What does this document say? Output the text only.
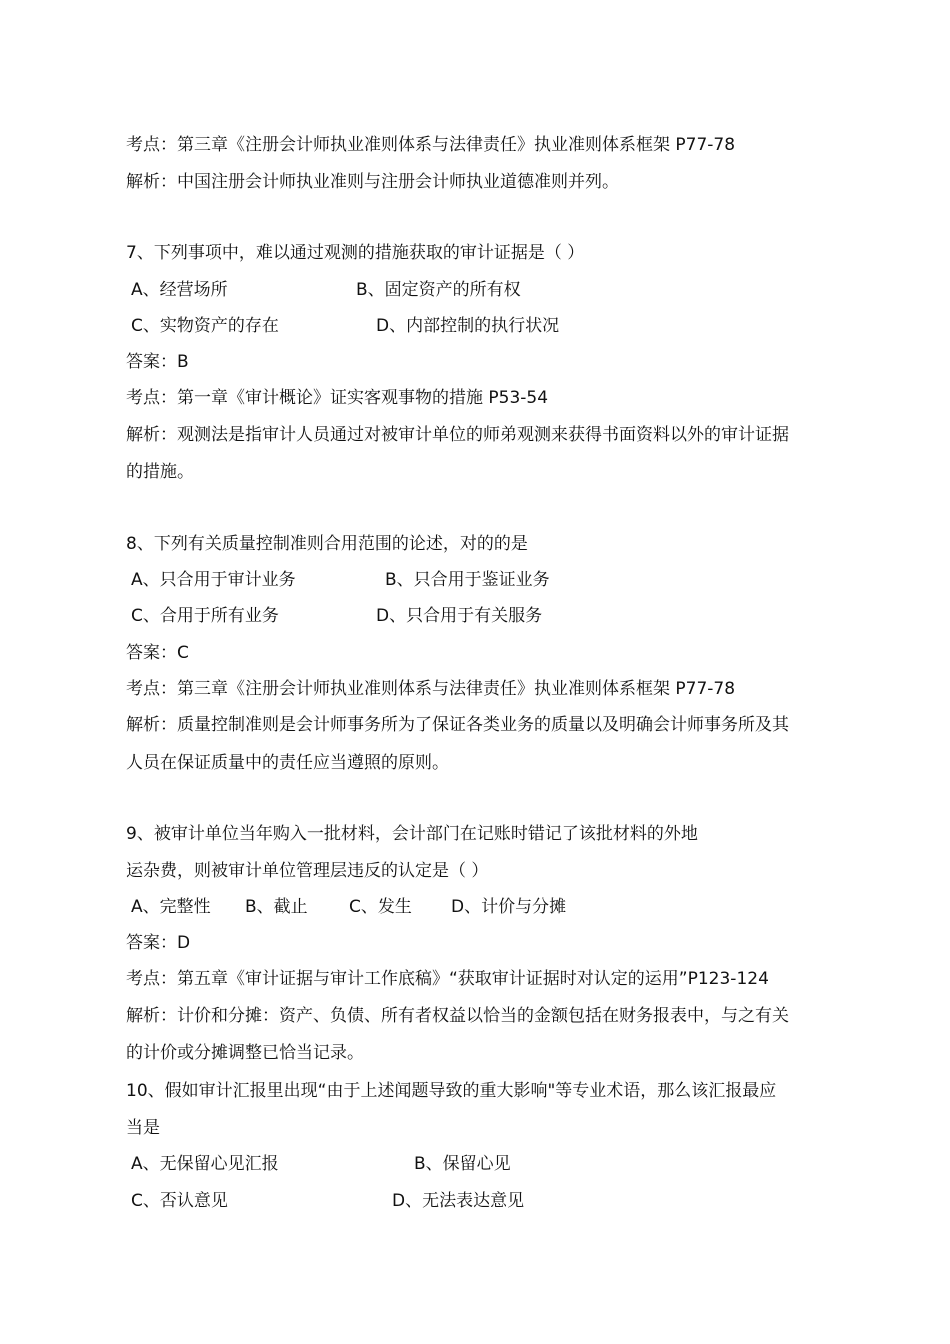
考点：第三章《注册会计师执业准则体系与法律责任》执业准则体系框架 P77-78
解析：中国注册会计师执业准则与注册会计师执业道德准则并列。
7、下列事项中，难以通过观测的措施获取的审计证据是（ ）
A、经营场所	B、固定资产的所有权
C、实物资产的存在	D、内部控制的执行状况
答案：B
考点：第一章《审计概论》证实客观事物的措施 P53-54
解析：观测法是指审计人员通过对被审计单位的师弟观测来获得书面资料以外的审计证据
的措施。
8、下列有关质量控制准则合用范围的论述，对的的是
A、只合用于审计业务	B、只合用于鉴证业务
C、合用于所有业务	D、只合用于有关服务
答案：C
考点：第三章《注册会计师执业准则体系与法律责任》执业准则体系框架 P77-78
解析：质量控制准则是会计师事务所为了保证各类业务的质量以及明确会计师事务所及其
人员在保证质量中的责任应当遵照的原则。
9、被审计单位当年购入一批材料，会计部门在记账时错记了该批材料的外地
运杂费，则被审计单位管理层违反的认定是（ ）
A、完整性 B、截止 C、发生 D、计价与分摊
答案：D
考点：第五章《审计证据与审计工作底稿》“获取审计证据时对认定的运用”P123-124
解析：计价和分摊：资产、负债、所有者权益以恰当的金额包括在财务报表中，与之有关
的计价或分摊调整已恰当记录。
10、假如审计汇报里出现“由于上述闻题导致的重大影响"等专业术语，那么该汇报最应
当是
A、无保留心见汇报	B、保留心见
C、否认意见	D、无法表达意见
